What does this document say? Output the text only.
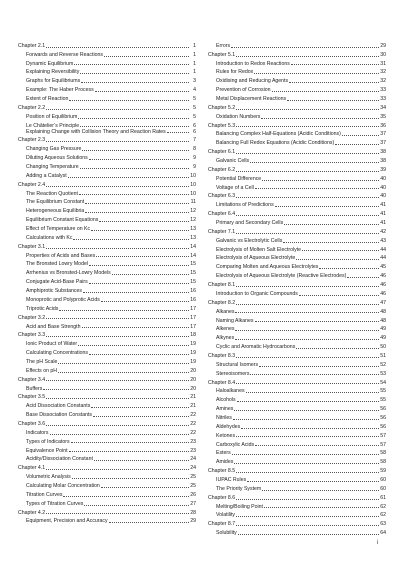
Chapter 2.1	1
Forwards and Reverse Reactions	1
Dynamic Equilibrium	1
Explaining Reversibility	1
Graphs for Equilibriums	3
Example: The Haber Process	4
Extent of Reaction	5
Chapter 2.2	5
Position of Equilibrium	5
Le Châtelier’s Principle	6
Explaining Change with Collision Theory and Reaction Rates	6
Chapter 2.3	7
Changing Gas Pressure	8
Diluting Aqueous Solutions	9
Changing Temperature	9
Adding a Catalyst	10
Chapter 2.4	10
The Reaction Quotient	10
The Equilibrium Constant	11
Heterogeneous Equilibria	12
Equilibrium Constant Equations	12
Effect of Temperature on Kc	13
Calculations with Kc	13
Chapter 3.1	14
Properties of Acids and Bases	14
The Bronsted Lowry Model	15
Arrhenius vs Bronsted-Lowry Models	15
Conjugate Acid-Base Pairs	15
Amphiprotic Substances	16
Monoprotic and Polyprotic Acids	16
Triprotic Acids	17
Chapter 3.2	17
Acid and Base Strength	17
Chapter 3.3	18
Ionic Product of Water	19
Calculating Concentrations	19
The pH Scale	19
Effects on pH	20
Chapter 3.4	20
Buffers	20
Chapter 3.5	21
Acid Dissociation Constants	21
Base Dissociation Constants	22
Chapter 3.6	22
Indicators	22
Types of Indicators	23
Equivalence Point	23
Acidity/Dissociation Constant	24
Chapter 4.1	24
Volumetric Analysis	25
Calculating Molar Concentration	25
Titration Curves	26
Types of Titration Curves	27
Chapter 4.2	28
Equipment, Precision and Accuracy	29
Errors	29
Chapter 5.1	30
Introduction to Redox Reactions	31
Rules for Redox	32
Oxidising and Reducing Agents	32
Prevention of Corrosion	33
Metal Displacement Reactions	33
Chapter 5.2	34
Oxidation Numbers	35
Chapter 5.3	36
Balancing Complex Half-Equations (Acidic Conditions)	37
Balancing Full Redox Equations (Acidic Conditions)	37
Chapter 6.1	38
Galvanic Cells	38
Chapter 6.2	39
Potential Difference	40
Voltage of a Cell	40
Chapter 6.3	40
Limitations of Predictions	41
Chapter 6.4	41
Primary and Secondary Cells	41
Chapter 7.1	42
Galvanic vs Electrolytic Cells	43
Electrolysis of Molten Salt Electrolyte	44
Electrolysis of Aqueous Electrolyte	44
Comparing Molten and Aqueous Electrolytes	45
Electrolysis of Aqueous Electrolyte (Reactive Electrodes)	46
Chapter 8.1	46
Introduction to Organic Compounds	46
Chapter 8.2	47
Alkanes	48
Naming Alkanes	48
Alkenes	49
Alkynes	49
Cyclic and Aromatic Hydrocarbons	50
Chapter 8.3	51
Structural Isomers	52
Stereoisomers	53
Chapter 8.4	54
Haloalkanes	55
Alcohols	55
Amines	56
Nitriles	56
Aldehydes	56
Ketones	57
Carboxylic Acids	57
Esters	58
Amides	58
Chapter 8.5	59
IUPAC Rules	60
The Priority System	60
Chapter 8.6	61
Melting/Boiling Point	62
Volatility	62
Chapter 8.7	63
Solubility	64
i
